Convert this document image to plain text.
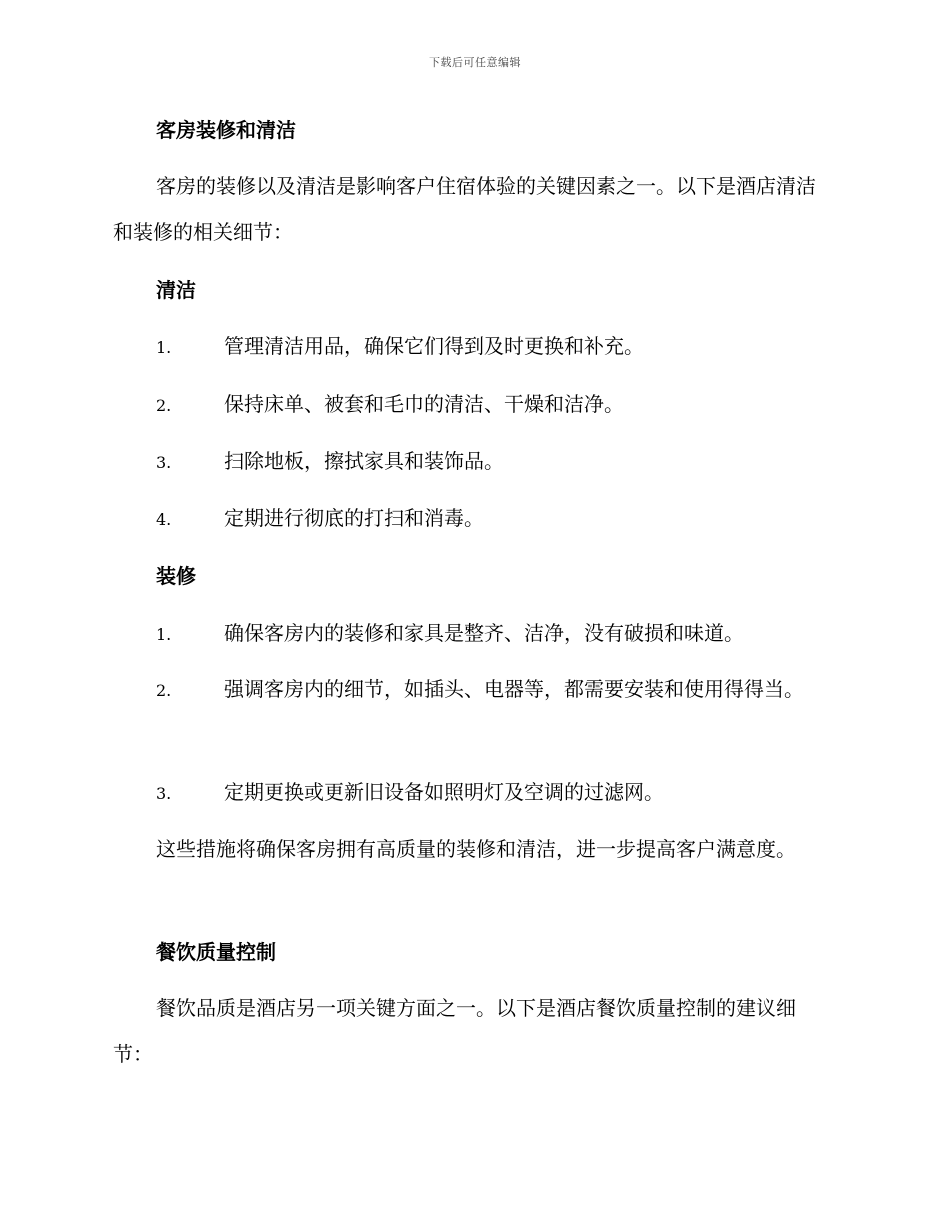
下载后可任意编辑
客房装修和清洁

客房的装修以及清洁是影响客户住宿体验的关键因素之一。以下是酒店清洁和装修的相关细节：

清洁
1.	管理清洁用品，确保它们得到及时更换和补充。
2.	保持床单、被套和毛巾的清洁、干燥和洁净。
3.	扫除地板，擦拭家具和装饰品。
4.	定期进行彻底的打扫和消毒。
装修
1.	确保客房内的装修和家具是整齐、洁净，没有破损和味道。

2.	强调客房内的细节，如插头、电器等，都需要安装和使用得得当。

3.	定期更换或更新旧设备如照明灯及空调的过滤网。

这些措施将确保客房拥有高质量的装修和清洁，进一步提高客户满意度。

餐饮质量控制

餐饮品质是酒店另一项关键方面之一。以下是酒店餐饮质量控制的建议细节：
